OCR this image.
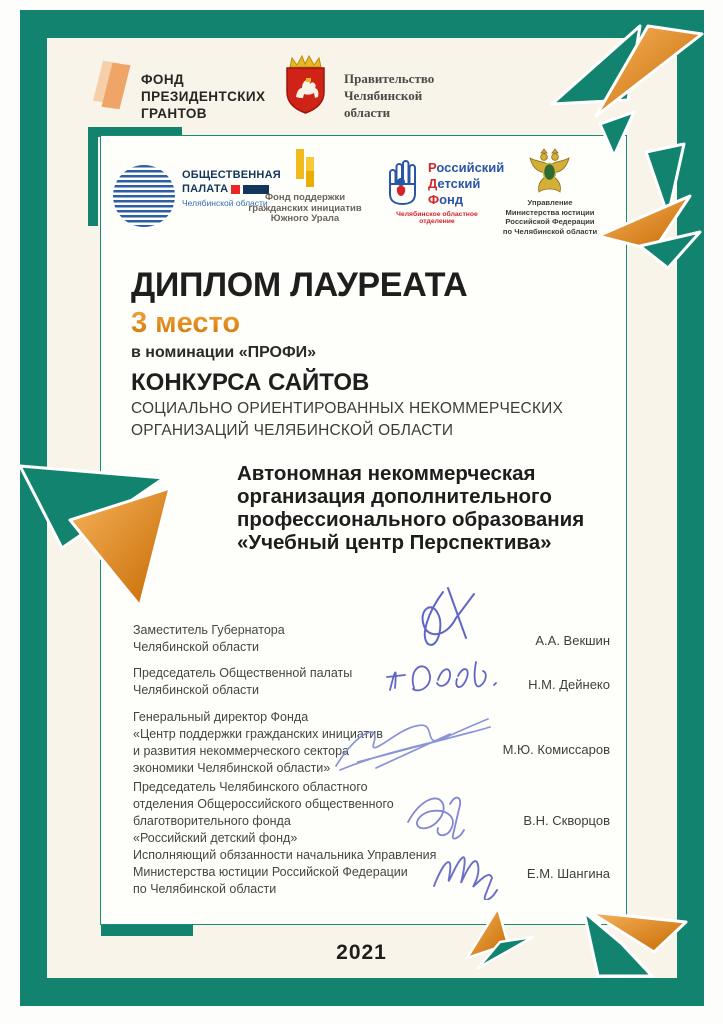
ФОНД
ПРЕЗИДЕНТСКИХ
ГРАНТОВ
Правительство
Челябинской
области
ОБЩЕСТВЕННАЯ
ПАЛАТА
Челябинской области
Фонд поддержки
гражданских инициатив
Южного Урала
Российский
Детский
Фонд
Челябинское областное отделение
Управление
Министерства юстиции
Российской Федерации
по Челябинской области
ДИПЛОМ ЛАУРЕАТА
3 место
в номинации «ПРОФИ»
КОНКУРСА САЙТОВ
СОЦИАЛЬНО ОРИЕНТИРОВАННЫХ НЕКОММЕРЧЕСКИХ
ОРГАНИЗАЦИЙ ЧЕЛЯБИНСКОЙ ОБЛАСТИ
Автономная некоммерческая
организация дополнительного
профессионального образования
«Учебный центр Перспектива»
Заместитель Губернатора
Челябинской области	А.А. Векшин
Председатель Общественной палаты
Челябинской области	Н.М. Дейнеко
Генеральный директор Фонда
«Центр поддержки гражданских инициатив
и развития некоммерческого сектора
экономики Челябинской области»
М.Ю. Комиссаров
Председатель Челябинского областного
отделения Общероссийского общественного
благотворительного фонда
«Российский детский фонд»
В.Н. Скворцов
Исполняющий обязанности начальника Управления
Министерства юстиции Российской Федерации
по Челябинской области
Е.М. Шангина
2021
